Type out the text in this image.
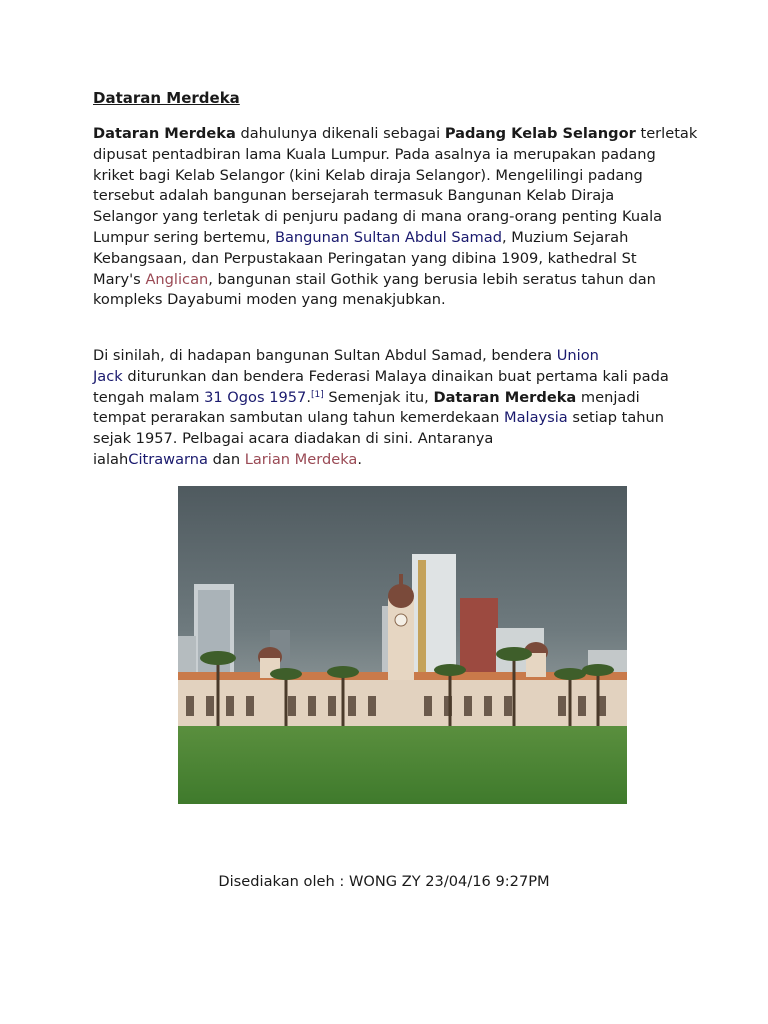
Dataran Merdeka
Dataran Merdeka dahulunya dikenali sebagai Padang Kelab Selangor terletak
dipusat pentadbiran lama Kuala Lumpur. Pada asalnya ia merupakan padang
kriket bagi Kelab Selangor (kini Kelab diraja Selangor). Mengelilingi padang
tersebut adalah bangunan bersejarah termasuk Bangunan Kelab Diraja
Selangor yang terletak di penjuru padang di mana orang-orang penting Kuala
Lumpur sering bertemu, Bangunan Sultan Abdul Samad, Muzium Sejarah
Kebangsaan, dan Perpustakaan Peringatan yang dibina 1909, kathedral St
Mary's Anglican, bangunan stail Gothik yang berusia lebih seratus tahun dan
kompleks Dayabumi moden yang menakjubkan.
Di sinilah, di hadapan bangunan Sultan Abdul Samad, bendera Union
Jack diturunkan dan bendera Federasi Malaya dinaikan buat pertama kali pada
tengah malam 31 Ogos 1957.[1] Semenjak itu, Dataran Merdeka menjadi
tempat perarakan sambutan ulang tahun kemerdekaan Malaysia setiap tahun
sejak 1957. Pelbagai acara diadakan di sini. Antaranya
ialahCitrawarna dan Larian Merdeka.
Disediakan oleh : WONG ZY 23/04/16 9:27PM
